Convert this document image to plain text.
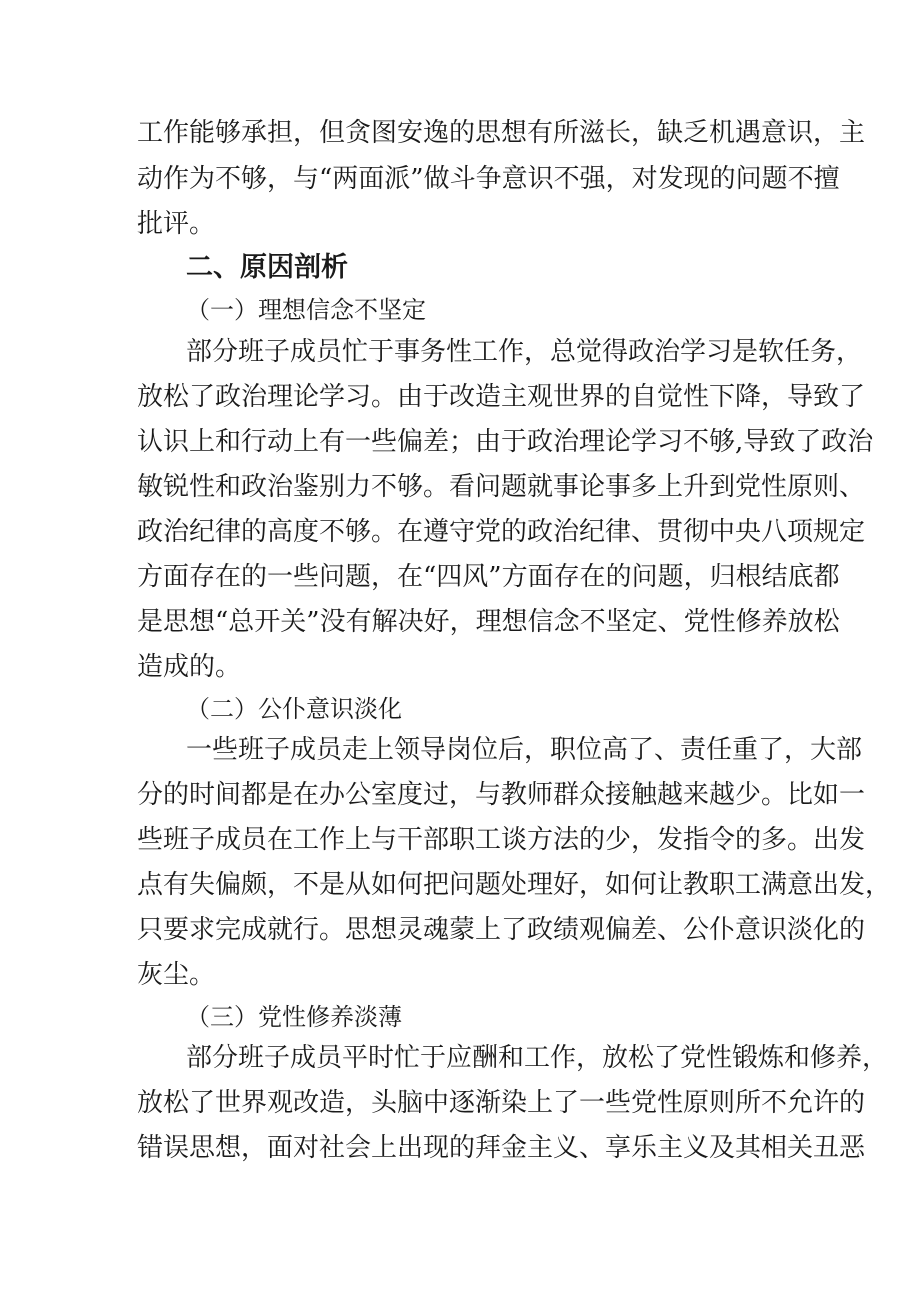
工作能够承担，但贪图安逸的思想有所滋长，缺乏机遇意识，主
动作为不够，与“两面派”做斗争意识不强，对发现的问题不擅
批评。
二、原因剖析
（一）理想信念不坚定
部分班子成员忙于事务性工作，总觉得政治学习是软任务，
放松了政治理论学习。由于改造主观世界的自觉性下降，导致了
认识上和行动上有一些偏差；由于政治理论学习不够,导致了政治
敏锐性和政治鉴别力不够。看问题就事论事多上升到党性原则、
政治纪律的高度不够。在遵守党的政治纪律、贯彻中央八项规定
方面存在的一些问题，在“四风”方面存在的问题，归根结底都
是思想“总开关”没有解决好，理想信念不坚定、党性修养放松
造成的。
（二）公仆意识淡化
一些班子成员走上领导岗位后，职位高了、责任重了，大部
分的时间都是在办公室度过，与教师群众接触越来越少。比如一
些班子成员在工作上与干部职工谈方法的少，发指令的多。出发
点有失偏颇，不是从如何把问题处理好，如何让教职工满意出发，
只要求完成就行。思想灵魂蒙上了政绩观偏差、公仆意识淡化的
灰尘。
（三）党性修养淡薄
部分班子成员平时忙于应酬和工作，放松了党性锻炼和修养，
放松了世界观改造，头脑中逐渐染上了一些党性原则所不允许的
错误思想，面对社会上出现的拜金主义、享乐主义及其相关丑恶
